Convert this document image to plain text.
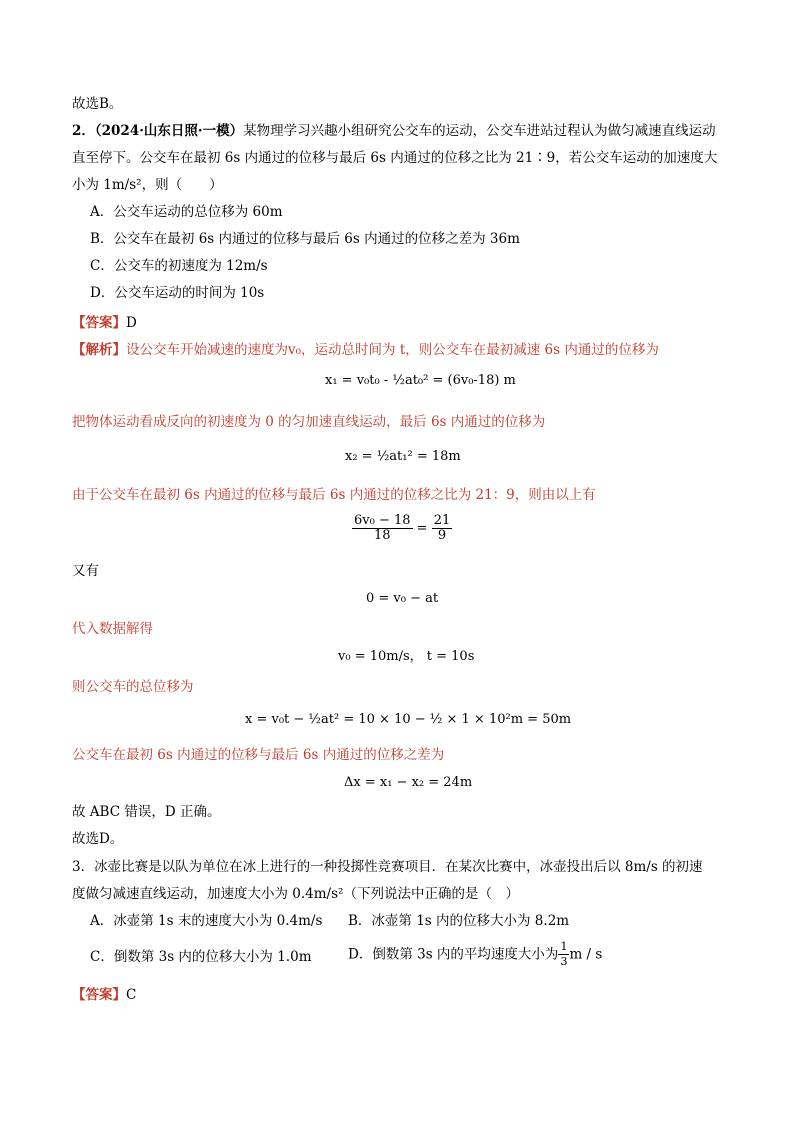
故选B。
2．（2024·山东日照·一模）某物理学习兴趣小组研究公交车的运动，公交车进站过程认为做匀减速直线运动
直至停下。公交车在最初 6s 内通过的位移与最后 6s 内通过的位移之比为 21∶9，若公交车运动的加速度大
小为 1m/s²，则（　　）
A．公交车运动的总位移为 60m
B．公交车在最初 6s 内通过的位移与最后 6s 内通过的位移之差为 36m
C．公交车的初速度为 12m/s
D．公交车运动的时间为 10s
【答案】D
【解析】设公交车开始减速的速度为v₀，运动总时间为 t，则公交车在最初减速 6s 内通过的位移为
x₁ = v₀t₀ - ½at₀² = (6v₀-18) m
把物体运动看成反向的初速度为 0 的匀加速直线运动，最后 6s 内通过的位移为
x₂ = ½at₁² = 18m
由于公交车在最初 6s 内通过的位移与最后 6s 内通过的位移之比为 21：9，则由以上有
$\frac{\text{6v₀ − 18}}{18} = \frac{21}{9}$
又有
0 = v₀ − at
代入数据解得
v₀ = 10m/s， t = 10s
则公交车的总位移为
x = v₀t − ½at² = 10 × 10 − ½ × 1 × 10²m = 50m
公交车在最初 6s 内通过的位移与最后 6s 内通过的位移之差为
Δx = x₁ − x₂ = 24m
故 ABC 错误，D 正确。
故选D。
3．冰壶比赛是以队为单位在冰上进行的一种投掷性竞赛项目．在某次比赛中，冰壶投出后以 8m/s 的初速
度做匀减速直线运动，加速度大小为 0.4m/s²（下列说法中正确的是（　）
A．冰壶第 1s 末的速度大小为 0.4m/s B．冰壶第 1s 内的位移大小为 8.2m
C．倒数第 3s 内的位移大小为 1.0m	D．倒数第 3s 内的平均速度大小为 $\frac{1}{3}$ m / s
【答案】C
